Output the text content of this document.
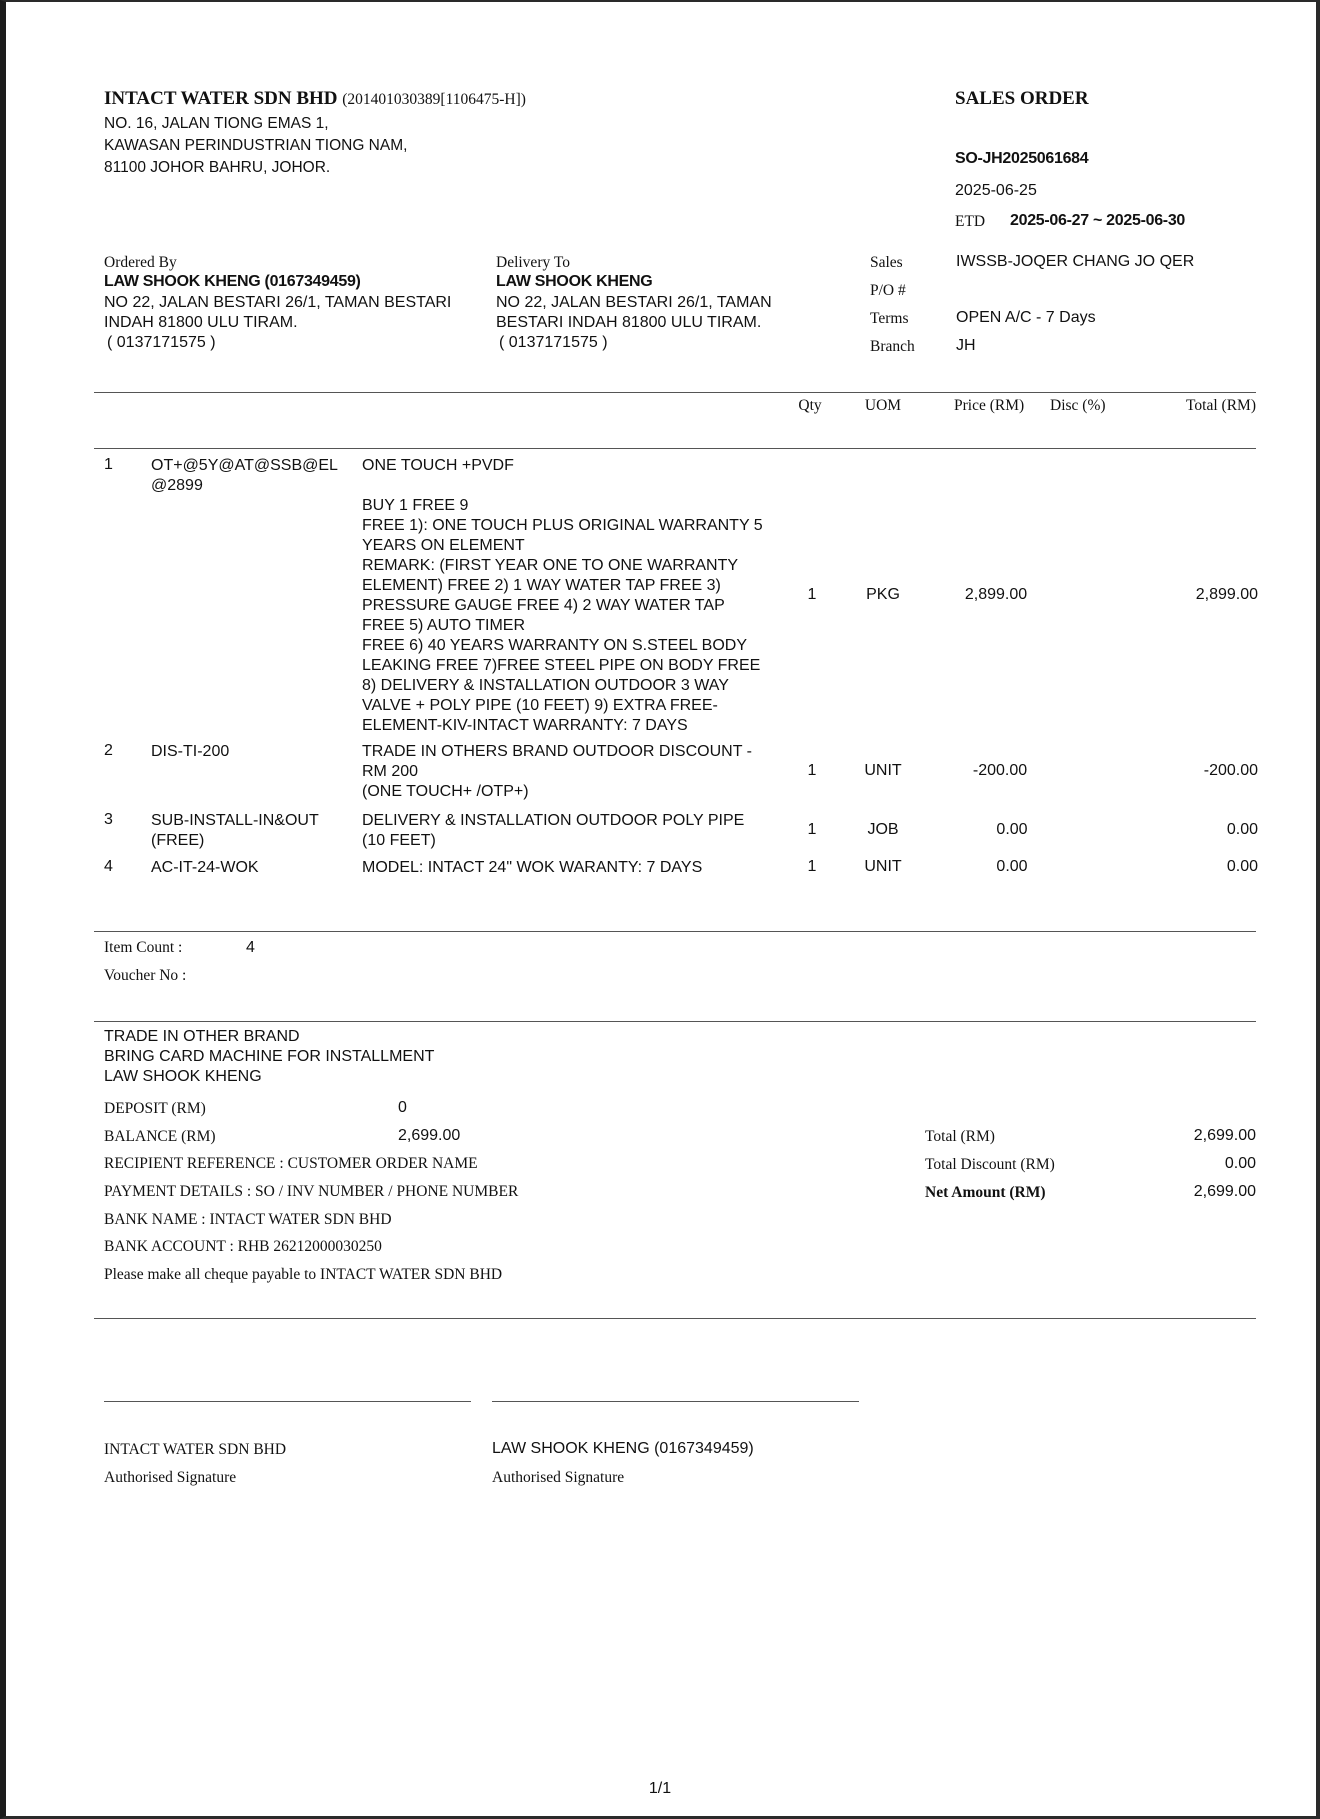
INTACT WATER SDN BHD (201401030389[1106475-H])
NO. 16, JALAN TIONG EMAS 1,
KAWASAN PERINDUSTRIAN TIONG NAM,
81100 JOHOR BAHRU, JOHOR.
SALES ORDER
SO-JH2025061684
2025-06-25
ETD 2025-06-27 ~ 2025-06-30
Ordered By
LAW SHOOK KHENG (0167349459)
NO 22, JALAN BESTARI 26/1, TAMAN BESTARI
INDAH 81800 ULU TIRAM.
( 0137171575 )
Delivery To
LAW SHOOK KHENG
NO 22, JALAN BESTARI 26/1, TAMAN
BESTARI INDAH 81800 ULU TIRAM.
( 0137171575 )
Sales	IWSSB-JOQER CHANG JO QER
P/O #
Terms	OPEN A/C - 7 Days
Branch	JH
Qty	UOM	Price (RM) Disc (%)	Total (RM)
1 OT+@5Y@AT@SSB@EL
@2899
ONE TOUCH +PVDF
BUY 1 FREE 9
FREE 1): ONE TOUCH PLUS ORIGINAL WARRANTY 5
YEARS ON ELEMENT
REMARK: (FIRST YEAR ONE TO ONE WARRANTY
ELEMENT) FREE 2) 1 WAY WATER TAP FREE 3)
PRESSURE GAUGE FREE 4) 2 WAY WATER TAP
FREE 5) AUTO TIMER
FREE 6) 40 YEARS WARRANTY ON S.STEEL BODY
LEAKING FREE 7)FREE STEEL PIPE ON BODY FREE
8) DELIVERY & INSTALLATION OUTDOOR 3 WAY
VALVE + POLY PIPE (10 FEET) 9) EXTRA FREE-
ELEMENT-KIV-INTACT WARRANTY: 7 DAYS
1	PKG	2,899.00	2,899.00
2 DIS-TI-200	TRADE IN OTHERS BRAND OUTDOOR DISCOUNT -
RM 200
(ONE TOUCH+ /OTP+)
1	UNIT	-200.00	-200.00
3 SUB-INSTALL-IN&OUT
(FREE)
DELIVERY & INSTALLATION OUTDOOR POLY PIPE
(10 FEET)
1	JOB	0.00	0.00
4 AC-IT-24-WOK	MODEL: INTACT 24" WOK WARANTY: 7 DAYS	1	UNIT	0.00	0.00
Item Count :	4
Voucher No :
TRADE IN OTHER BRAND
BRING CARD MACHINE FOR INSTALLMENT
LAW SHOOK KHENG
DEPOSIT (RM)	0
BALANCE (RM)	2,699.00
RECIPIENT REFERENCE : CUSTOMER ORDER NAME
PAYMENT DETAILS : SO / INV NUMBER / PHONE NUMBER
BANK NAME : INTACT WATER SDN BHD
BANK ACCOUNT : RHB 26212000030250
Please make all cheque payable to INTACT WATER SDN BHD
Total (RM)	2,699.00
Total Discount (RM)	0.00
Net Amount (RM)	2,699.00
INTACT WATER SDN BHD
Authorised Signature
LAW SHOOK KHENG (0167349459)
Authorised Signature
1/1
